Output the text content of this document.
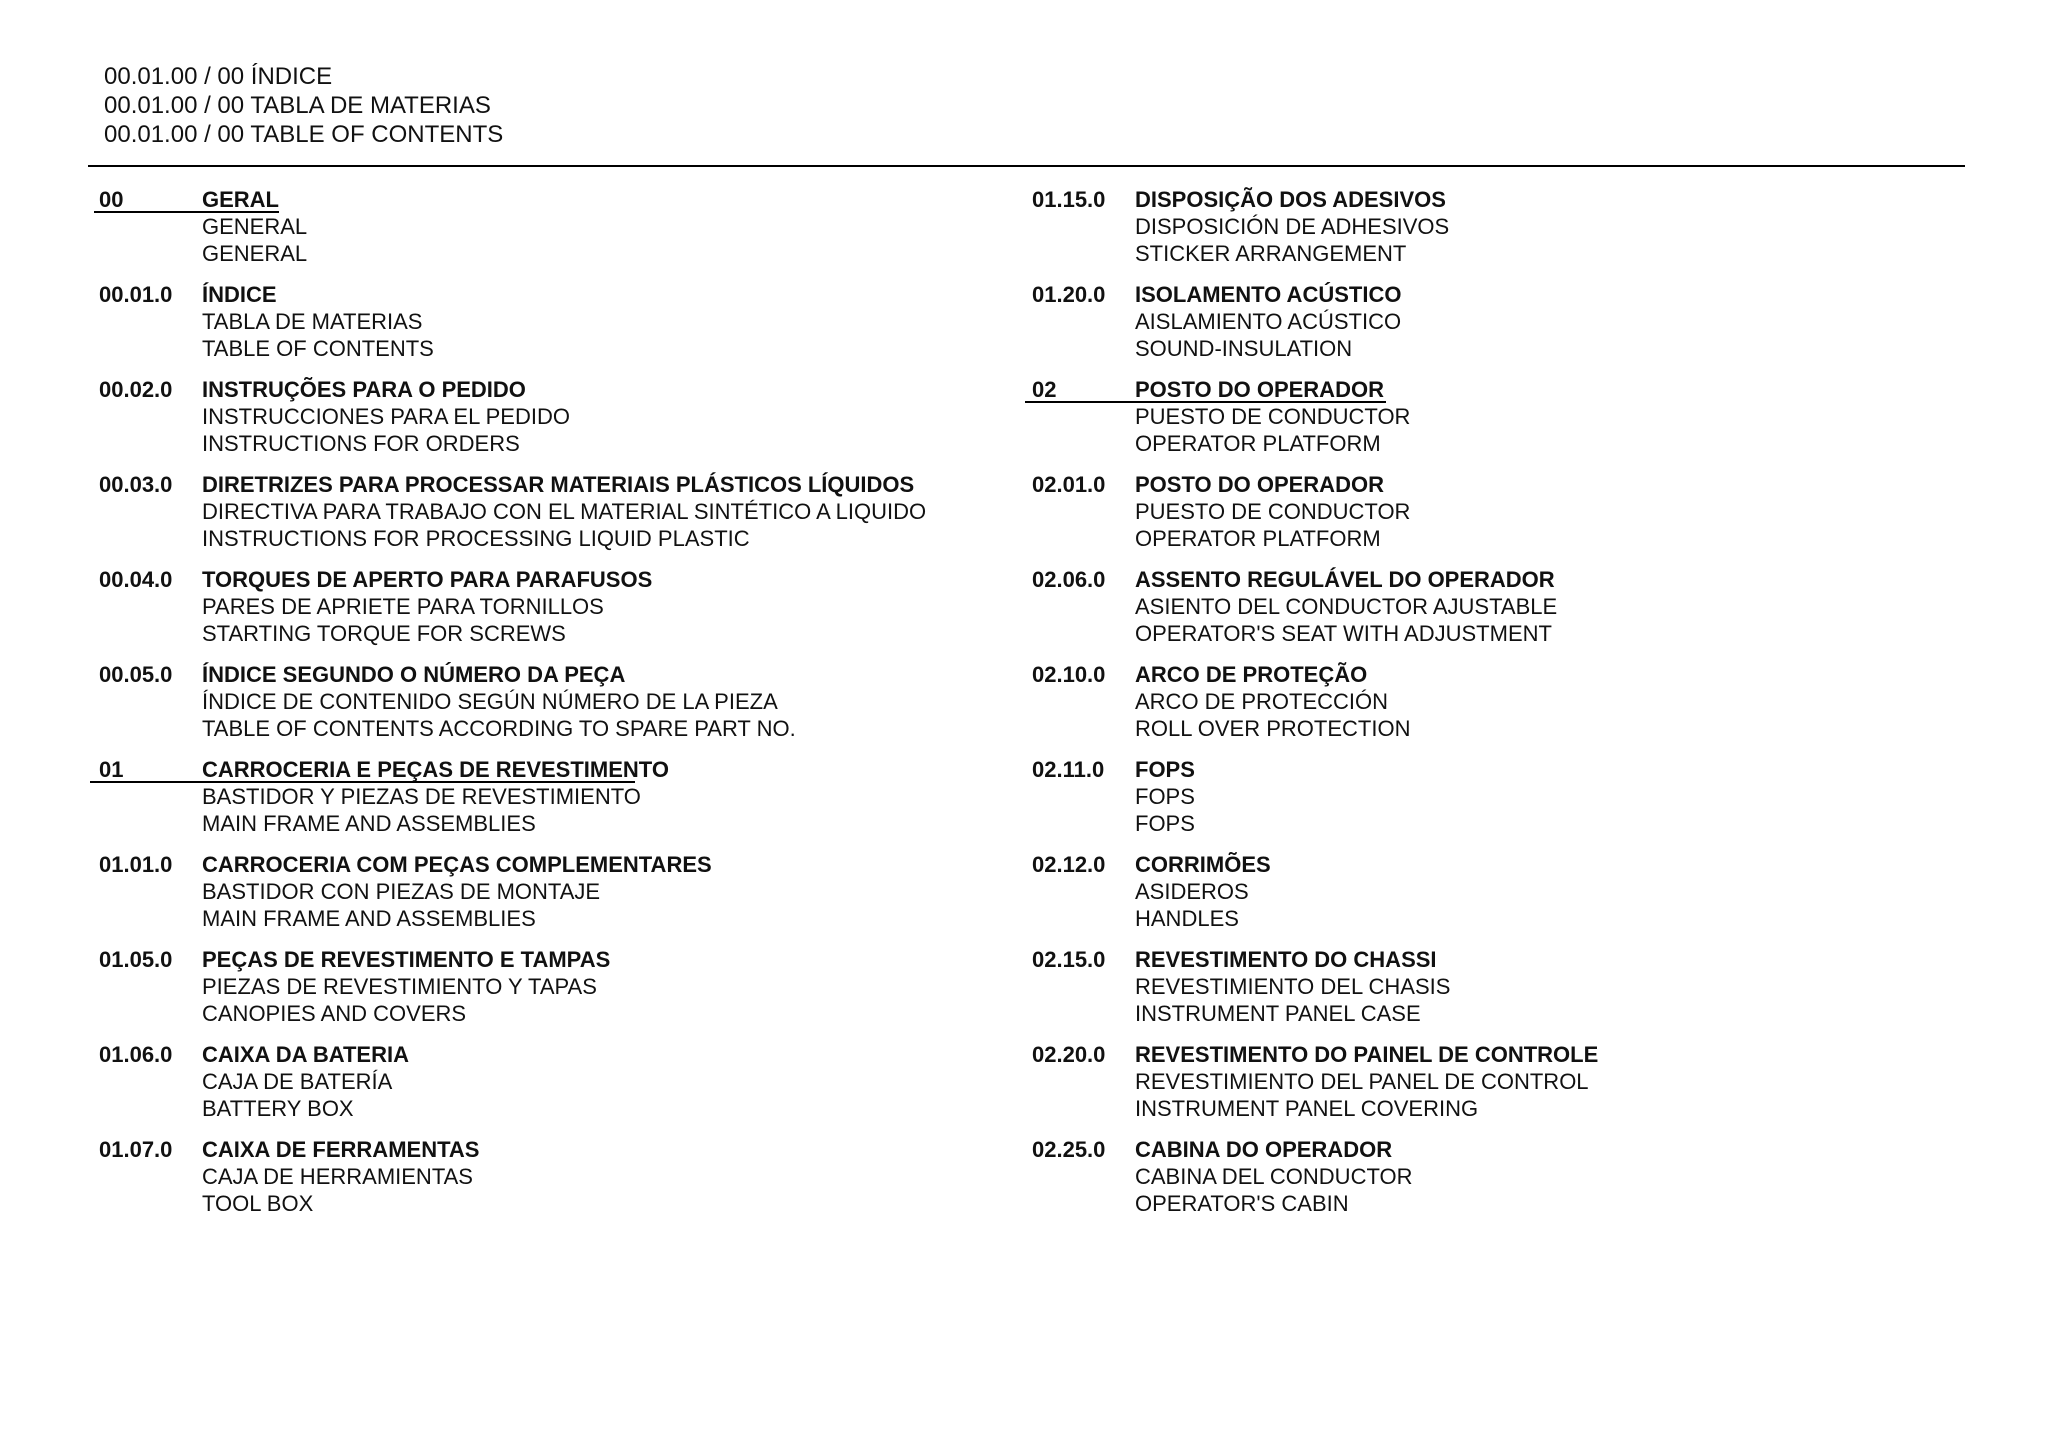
00.01.00 / 00 ÍNDICE
00.01.00 / 00 TABLA DE MATERIAS
00.01.00 / 00 TABLE OF CONTENTS
00	GERAL
GENERAL
GENERAL
00.01.0 ÍNDICE
TABLA DE MATERIAS
TABLE OF CONTENTS
00.02.0 INSTRUÇÕES PARA O PEDIDO
INSTRUCCIONES PARA EL PEDIDO
INSTRUCTIONS FOR ORDERS
00.03.0 DIRETRIZES PARA PROCESSAR MATERIAIS PLÁSTICOS LÍQUIDOS
DIRECTIVA PARA TRABAJO CON EL MATERIAL SINTÉTICO A LIQUIDO
INSTRUCTIONS FOR PROCESSING LIQUID PLASTIC
00.04.0 TORQUES DE APERTO PARA PARAFUSOS
PARES DE APRIETE PARA TORNILLOS
STARTING TORQUE FOR SCREWS
00.05.0 ÍNDICE SEGUNDO O NÚMERO DA PEÇA
ÍNDICE DE CONTENIDO SEGÚN NÚMERO DE LA PIEZA
TABLE OF CONTENTS ACCORDING TO SPARE PART NO.
01	CARROCERIA E PEÇAS DE REVESTIMENTO
BASTIDOR Y PIEZAS DE REVESTIMIENTO
MAIN FRAME AND ASSEMBLIES
01.01.0 CARROCERIA COM PEÇAS COMPLEMENTARES
BASTIDOR CON PIEZAS DE MONTAJE
MAIN FRAME AND ASSEMBLIES
01.05.0 PEÇAS DE REVESTIMENTO E TAMPAS
PIEZAS DE REVESTIMIENTO Y TAPAS
CANOPIES AND COVERS
01.06.0 CAIXA DA BATERIA
CAJA DE BATERÍA
BATTERY BOX
01.07.0 CAIXA DE FERRAMENTAS
CAJA DE HERRAMIENTAS
TOOL BOX
01.15.0 DISPOSIÇÃO DOS ADESIVOS
DISPOSICIÓN DE ADHESIVOS
STICKER ARRANGEMENT
01.20.0 ISOLAMENTO ACÚSTICO
AISLAMIENTO ACÚSTICO
SOUND-INSULATION
02	POSTO DO OPERADOR
PUESTO DE CONDUCTOR
OPERATOR PLATFORM
02.01.0 POSTO DO OPERADOR
PUESTO DE CONDUCTOR
OPERATOR PLATFORM
02.06.0 ASSENTO REGULÁVEL DO OPERADOR
ASIENTO DEL CONDUCTOR AJUSTABLE
OPERATOR'S SEAT WITH ADJUSTMENT
02.10.0 ARCO DE PROTEÇÃO
ARCO DE PROTECCIÓN
ROLL OVER PROTECTION
02.11.0 FOPS
FOPS
FOPS
02.12.0 CORRIMÕES
ASIDEROS
HANDLES
02.15.0 REVESTIMENTO DO CHASSI
REVESTIMIENTO DEL CHASIS
INSTRUMENT PANEL CASE
02.20.0 REVESTIMENTO DO PAINEL DE CONTROLE
REVESTIMIENTO DEL PANEL DE CONTROL
INSTRUMENT PANEL COVERING
02.25.0 CABINA DO OPERADOR
CABINA DEL CONDUCTOR
OPERATOR'S CABIN
